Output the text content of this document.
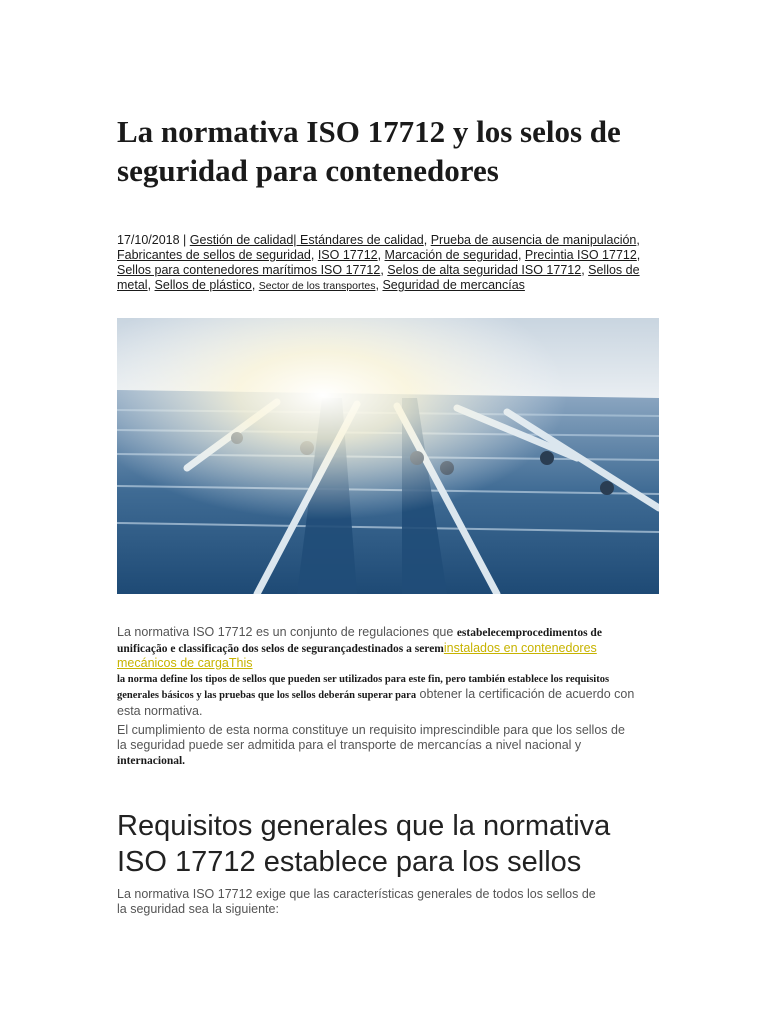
La normativa ISO 17712 y los selos de seguridad para contenedores
17/10/2018 | Gestión de calidad| Estándares de calidad, Prueba de ausencia de manipulación, Fabricantes de sellos de seguridad, ISO 17712, Marcación de seguridad, Precintia ISO 17712, Sellos para contenedores marítimos ISO 17712, Selos de alta seguridad ISO 17712, Sellos de metal, Sellos de plástico, Sector de los transportes, Seguridad de mercancías
La normativa ISO 17712 es un conjunto de regulaciones que estabelecemprocedimentos de unificação e classificação dos selos de segurançadestinados a sereminstalados en contenedores mecánicos de cargaThis
la norma define los tipos de sellos que pueden ser utilizados para este fin, pero también establece los requisitos generales básicos y las pruebas que los sellos deberán superar para obtener la certificación de acuerdo con esta normativa.
El cumplimiento de esta norma constituye un requisito imprescindible para que los sellos de la seguridad puede ser admitida para el transporte de mercancías a nivel nacional y internacional.
Requisitos generales que la normativa ISO 17712 establece para los sellos
La normativa ISO 17712 exige que las características generales de todos los sellos de la seguridad sea la siguiente:
